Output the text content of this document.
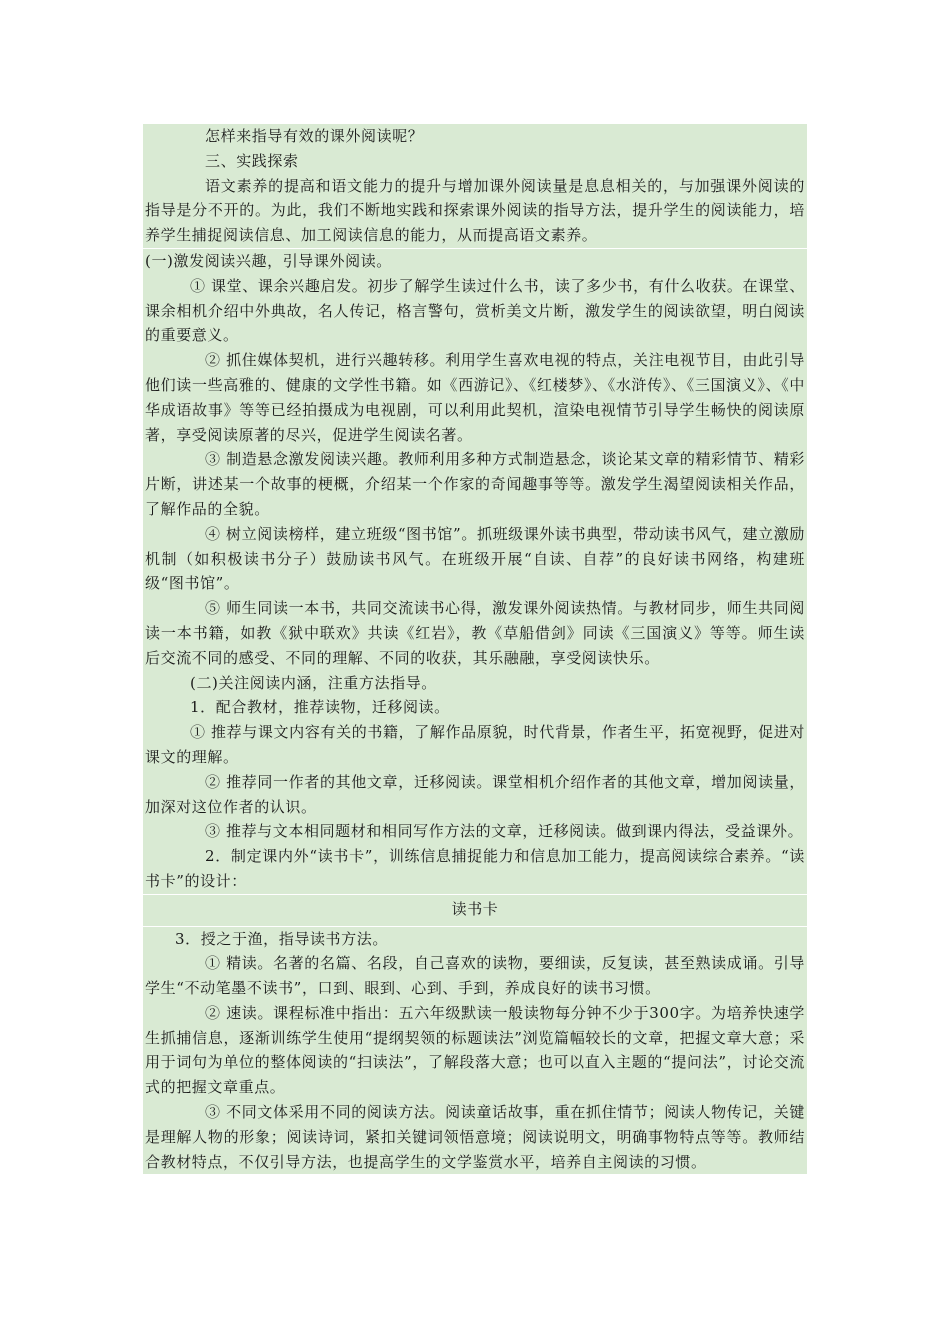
怎样来指导有效的课外阅读呢？

三、实践探索

语文素养的提高和语文能力的提升与增加课外阅读量是息息相关的，与加强课外阅读的指导是分不开的。为此，我们不断地实践和探索课外阅读的指导方法，提升学生的阅读能力，培养学生捕捉阅读信息、加工阅读信息的能力，从而提高语文素养。

(一)激发阅读兴趣，引导课外阅读。

① 课堂、课余兴趣启发。初步了解学生读过什么书，读了多少书，有什么收获。在课堂、课余相机介绍中外典故，名人传记，格言警句，赏析美文片断，激发学生的阅读欲望，明白阅读的重要意义。

② 抓住媒体契机，进行兴趣转移。利用学生喜欢电视的特点，关注电视节目，由此引导他们读一些高雅的、健康的文学性书籍。如《西游记》、《红楼梦》、《水浒传》、《三国演义》、《中华成语故事》等等已经拍摄成为电视剧，可以利用此契机，渲染电视情节引导学生畅快的阅读原著，享受阅读原著的尽兴，促进学生阅读名著。

③ 制造悬念激发阅读兴趣。教师利用多种方式制造悬念，谈论某文章的精彩情节、精彩片断，讲述某一个故事的梗概，介绍某一个作家的奇闻趣事等等。激发学生渴望阅读相关作品，了解作品的全貌。

④ 树立阅读榜样，建立班级“图书馆”。抓班级课外读书典型，带动读书风气，建立激励机制（如积极读书分子）鼓励读书风气。在班级开展“自读、自荐”的良好读书网络，构建班级“图书馆”。

⑤ 师生同读一本书，共同交流读书心得，激发课外阅读热情。与教材同步，师生共同阅读一本书籍，如教《狱中联欢》共读《红岩》，教《草船借剑》同读《三国演义》等等。师生读后交流不同的感受、不同的理解、不同的收获，其乐融融，享受阅读快乐。

(二)关注阅读内涵，注重方法指导。

1．配合教材，推荐读物，迁移阅读。

① 推荐与课文内容有关的书籍，了解作品原貌，时代背景，作者生平，拓宽视野，促进对课文的理解。

② 推荐同一作者的其他文章，迁移阅读。课堂相机介绍作者的其他文章，增加阅读量，加深对这位作者的认识。

③ 推荐与文本相同题材和相同写作方法的文章，迁移阅读。做到课内得法，受益课外。

2．制定课内外“读书卡”，训练信息捕捉能力和信息加工能力，提高阅读综合素养。“读书卡”的设计：

读书卡

3．授之于渔，指导读书方法。

① 精读。名著的名篇、名段，自己喜欢的读物，要细读，反复读，甚至熟读成诵。引导学生“不动笔墨不读书”，口到、眼到、心到、手到，养成良好的读书习惯。

② 速读。课程标准中指出：五六年级默读一般读物每分钟不少于300字。为培养快速学生抓捕信息，逐渐训练学生使用“提纲契领的标题读法”浏览篇幅较长的文章，把握文章大意；采用于词句为单位的整体阅读的“扫读法”，了解段落大意；也可以直入主题的“提问法”，讨论交流式的把握文章重点。

③ 不同文体采用不同的阅读方法。阅读童话故事，重在抓住情节；阅读人物传记，关键是理解人物的形象；阅读诗词，紧扣关键词领悟意境；阅读说明文，明确事物特点等等。教师结合教材特点，不仅引导方法，也提高学生的文学鉴赏水平，培养自主阅读的习惯。
